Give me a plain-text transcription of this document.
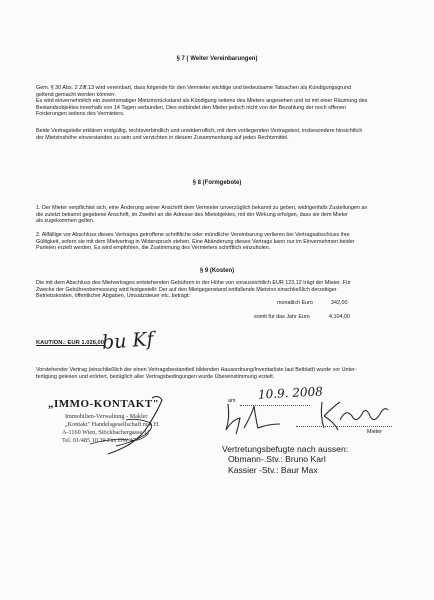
§ 7 ( Weiter Vereinbarungen)

Gem. § 30 Abs. 2 Ziff.13 wird vereinbart, dass folgende für den Vermieter wichtige und bedeutsame Tatsachen als Kündigungsgrund

geltend gemacht werden können:

Es wird einvernehmlich ein zweimonatiger Mietzinsrückstand als Kündigung seitens des Mieters angesehen und ist mit einer Räumung des

Bestandsobjektes innerhalb von 14 Tagen verbunden. Dies entbindet den Mieter jedoch nicht von der Bezahlung der noch offenen

Forderungen seitens des Vermieters.

Beide Vertragsteile erklären endgültig, rechtsverbindlich und unwiderruflich, mit dem vorliegenden Vertragstext, insbesondere hinsichtlich

der Mietzinshöhe einverstanden zu sein und verzichten in diesem Zusammenhang auf jedes Rechtsmittel.

§ 8 (Formgebote)

1. Der Mieter verpflichtet sich, eine Änderung seiner Anschrift dem Vermieter unverzüglich bekannt zu geben, widrigenfalls Zustellungen an

die zuletzt bekannt gegebene Anschrift, im Zweifel an die Adresse des Mietobjektes, mit der Wirkung erfolgen, dass sie dem Mieter

als zugekommen gelten.

2. Allfällige vor Abschluss dieses Vertrages getroffene schriftliche oder mündliche Vereinbarung verlieren bei Vertragsabschluss ihre

Gültigkeit, sofern sie mit dem Mietvertrag in Widerspruch stehen. Eine Abänderung dieses Vertrags kann nur im Einvernehmen beider

Parteien erzielt werden. Es wird empfohlen, die Zustimmung des Vermieters schriftlich einzuholen.

§ 9 (Kosten)

Die mit dem Abschluss des Mietvertrages entstehenden Gebühren in der Höhe von voraussichtlich EUR 123,12 trägt der Mieter. Für

Zwecke der Gebührenbemessung wird festgestellt: Der auf den Mietgegenstand entfallende Mietzins einschließlich derzeitiger

Betriebskosten, öffentlicher Abgaben, Umsatzsteuer etc. beträgt:

monatlich Euro	342,00
somit für das Jahr Euro	4.104,00
KAUTION.: EUR 1.026,00
bu Kf

Vorstehender Vertrag (einschließlich der einen Vertragsbestandteil bildenden Hausordnung/Inventarliste laut Beiblatt) wurde vor Unter-

fertigung gelesen und erörtert, bezüglich aller Vertragsbedingungen wurde Übereinstimmung erzielt.

„IMMO-KONTAKT"
Immobilien-Verwaltung - Makler
„Kontakt" Handelsgesellschaft m.b.H.
A-1160 Wien, Stöckbachergasse 11
Tel. 01/485 10 39 Fax DW 17
am 10.9. 2008
Mieter
Vertretungsbefugte nach aussen:
Obmann-.Stv.: Bruno Karl
Kassier -Stv.: Baur Max
